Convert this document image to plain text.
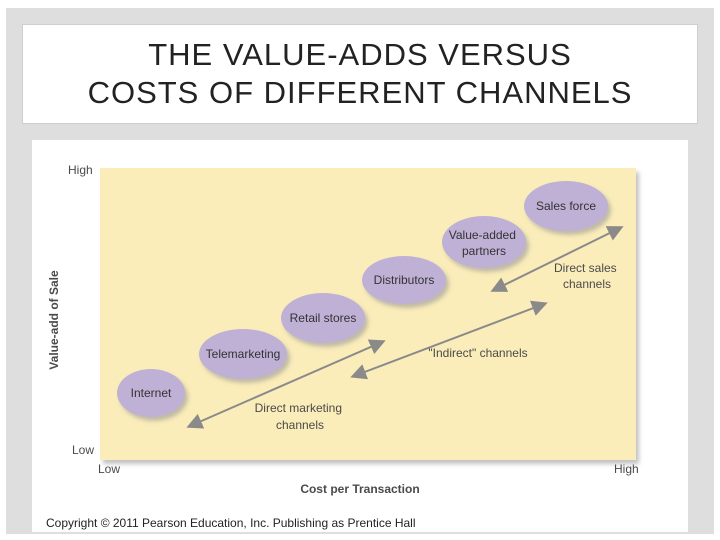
THE VALUE-ADDS VERSUS
COSTS OF DIFFERENT CHANNELS
High
Low
Low	High
Cost per Transaction
Value-add of Sale
Direct marketing channels
"Indirect" channels
Direct sales channels
Internet
Telemarketing
Retail stores
Distributors
Value-added partners
Sales force
Copyright © 2011 Pearson Education, Inc. Publishing as Prentice Hall
